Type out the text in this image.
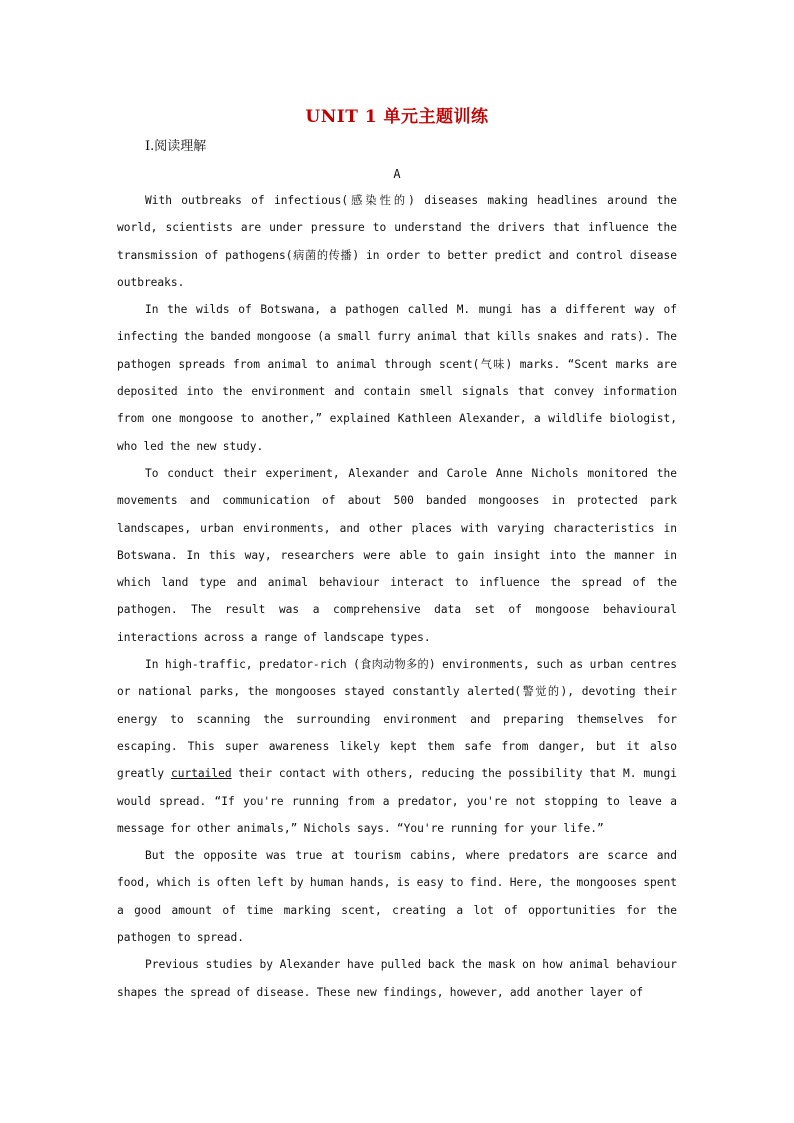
UNIT 1 单元主题训练
Ⅰ.阅读理解
A

With outbreaks of infectious(感染性的) diseases making headlines around the world, scientists are under pressure to understand the drivers that influence the transmission of pathogens(病菌的传播) in order to better predict and control disease outbreaks.

In the wilds of Botswana, a pathogen called M. mungi has a different way of infecting the banded mongoose (a small furry animal that kills snakes and rats). The pathogen spreads from animal to animal through scent(气味) marks. “Scent marks are deposited into the environment and contain smell signals that convey information from one mongoose to another,” explained Kathleen Alexander, a wildlife biologist, who led the new study.

To conduct their experiment, Alexander and Carole Anne Nichols monitored the movements and communication of about 500 banded mongooses in protected park landscapes, urban environments, and other places with varying characteristics in Botswana. In this way, researchers were able to gain insight into the manner in which land type and animal behaviour interact to influence the spread of the pathogen. The result was a comprehensive data set of mongoose behavioural interactions across a range of landscape types.

In high-traffic, predator-rich (食肉动物多的) environments, such as urban centres or national parks, the mongooses stayed constantly alerted(警觉的), devoting their energy to scanning the surrounding environment and preparing themselves for escaping. This super awareness likely kept them safe from danger, but it also greatly curtailed their contact with others, reducing the possibility that M. mungi would spread. “If you're running from a predator, you're not stopping to leave a message for other animals,” Nichols says. “You're running for your life.”

But the opposite was true at tourism cabins, where predators are scarce and food, which is often left by human hands, is easy to find. Here, the mongooses spent a good amount of time marking scent, creating a lot of opportunities for the pathogen to spread.

Previous studies by Alexander have pulled back the mask on how animal behaviour shapes the spread of disease. These new findings, however, add another layer of
